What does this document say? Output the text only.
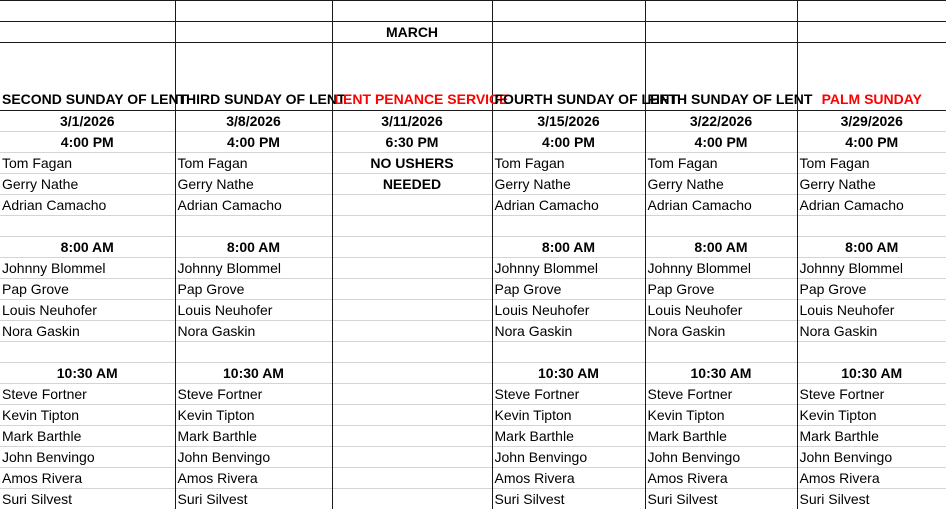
		MARCH			
SECOND SUNDAY OF LENT	THIRD SUNDAY OF LENT	LENT PENANCE SERVICE	FOURTH SUNDAY OF LENT	FIFTH SUNDAY OF LENT	PALM SUNDAY
3/1/2026	3/8/2026	3/11/2026	3/15/2026	3/22/2026	3/29/2026
4:00 PM	4:00 PM	6:30 PM	4:00 PM	4:00 PM	4:00 PM
Tom Fagan	Tom Fagan	NO USHERS	Tom Fagan	Tom Fagan	Tom Fagan
Gerry Nathe	Gerry Nathe	NEEDED	Gerry Nathe	Gerry Nathe	Gerry Nathe
Adrian Camacho	Adrian Camacho		Adrian Camacho	Adrian Camacho	Adrian Camacho

8:00 AM	8:00 AM		8:00 AM	8:00 AM	8:00 AM
Johnny Blommel	Johnny Blommel		Johnny Blommel	Johnny Blommel	Johnny Blommel
Pap Grove	Pap Grove		Pap Grove	Pap Grove	Pap Grove
Louis Neuhofer	Louis Neuhofer		Louis Neuhofer	Louis Neuhofer	Louis Neuhofer
Nora Gaskin	Nora Gaskin		Nora Gaskin	Nora Gaskin	Nora Gaskin

10:30 AM	10:30 AM		10:30 AM	10:30 AM	10:30 AM
Steve Fortner	Steve Fortner		Steve Fortner	Steve Fortner	Steve Fortner
Kevin Tipton	Kevin Tipton		Kevin Tipton	Kevin Tipton	Kevin Tipton
Mark Barthle	Mark Barthle		Mark Barthle	Mark Barthle	Mark Barthle
John Benvingo	John Benvingo		John Benvingo	John Benvingo	John Benvingo
Amos Rivera	Amos Rivera		Amos Rivera	Amos Rivera	Amos Rivera
Suri Silvest	Suri Silvest		Suri Silvest	Suri Silvest	Suri Silvest
